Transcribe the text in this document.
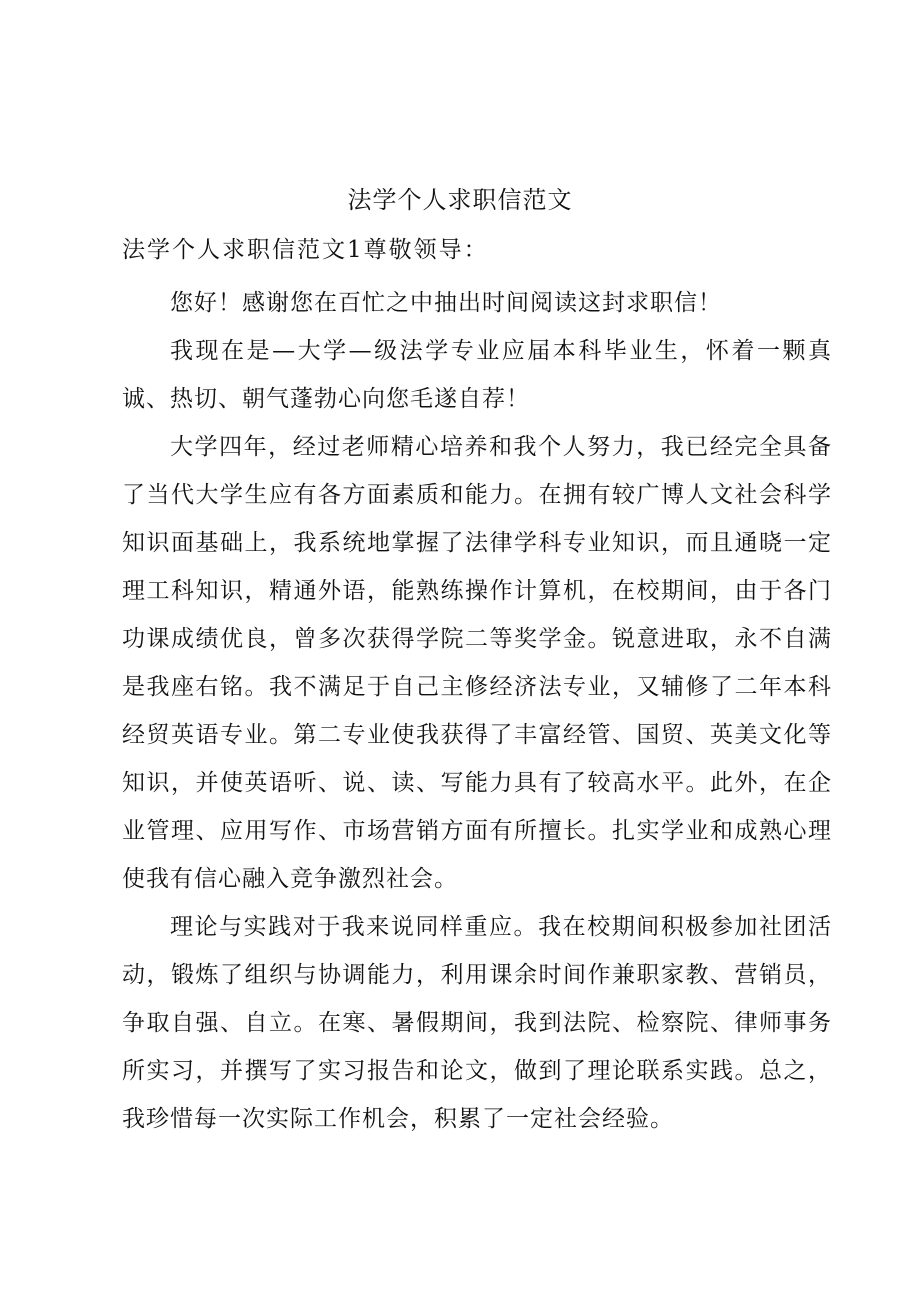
法学个人求职信范文

法学个人求职信范文1尊敬领导：

您好！感谢您在百忙之中抽出时间阅读这封求职信！

我现在是—大学—级法学专业应届本科毕业生，怀着一颗真诚、热切、朝气蓬勃心向您毛遂自荐！

大学四年，经过老师精心培养和我个人努力，我已经完全具备了当代大学生应有各方面素质和能力。在拥有较广博人文社会科学知识面基础上，我系统地掌握了法律学科专业知识，而且通晓一定理工科知识，精通外语，能熟练操作计算机，在校期间，由于各门功课成绩优良，曾多次获得学院二等奖学金。锐意进取，永不自满是我座右铭。我不满足于自己主修经济法专业，又辅修了二年本科经贸英语专业。第二专业使我获得了丰富经管、国贸、英美文化等知识，并使英语听、说、读、写能力具有了较高水平。此外，在企业管理、应用写作、市场营销方面有所擅长。扎实学业和成熟心理使我有信心融入竞争激烈社会。

理论与实践对于我来说同样重应。我在校期间积极参加社团活动，锻炼了组织与协调能力，利用课余时间作兼职家教、营销员，争取自强、自立。在寒、暑假期间，我到法院、检察院、律师事务所实习，并撰写了实习报告和论文，做到了理论联系实践。总之，我珍惜每一次实际工作机会，积累了一定社会经验。
